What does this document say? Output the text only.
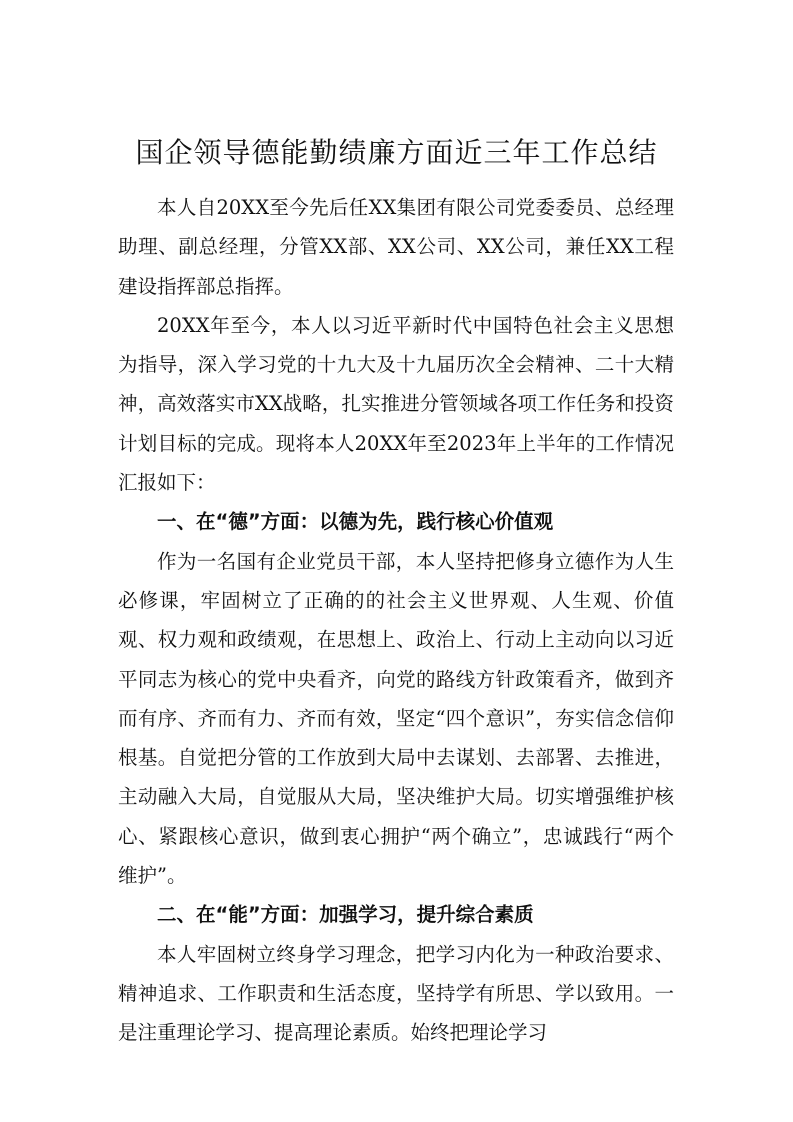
国企领导德能勤绩廉方面近三年工作总结

本人自20XX至今先后任XX集团有限公司党委委员、总经理助理、副总经理，分管XX部、XX公司、XX公司，兼任XX工程建设指挥部总指挥。

20XX年至今，本人以习近平新时代中国特色社会主义思想为指导，深入学习党的十九大及十九届历次全会精神、二十大精神，高效落实市XX战略，扎实推进分管领域各项工作任务和投资计划目标的完成。现将本人20XX年至2023年上半年的工作情况汇报如下：

一、在“德”方面：以德为先，践行核心价值观

作为一名国有企业党员干部，本人坚持把修身立德作为人生必修课，牢固树立了正确的的社会主义世界观、人生观、价值观、权力观和政绩观，在思想上、政治上、行动上主动向以习近平同志为核心的党中央看齐，向党的路线方针政策看齐，做到齐而有序、齐而有力、齐而有效，坚定“四个意识”，夯实信念信仰根基。自觉把分管的工作放到大局中去谋划、去部署、去推进，主动融入大局，自觉服从大局，坚决维护大局。切实增强维护核心、紧跟核心意识，做到衷心拥护“两个确立”，忠诚践行“两个维护”。

二、在“能”方面：加强学习，提升综合素质

本人牢固树立终身学习理念，把学习内化为一种政治要求、精神追求、工作职责和生活态度，坚持学有所思、学以致用。一是注重理论学习、提高理论素质。始终把理论学习
